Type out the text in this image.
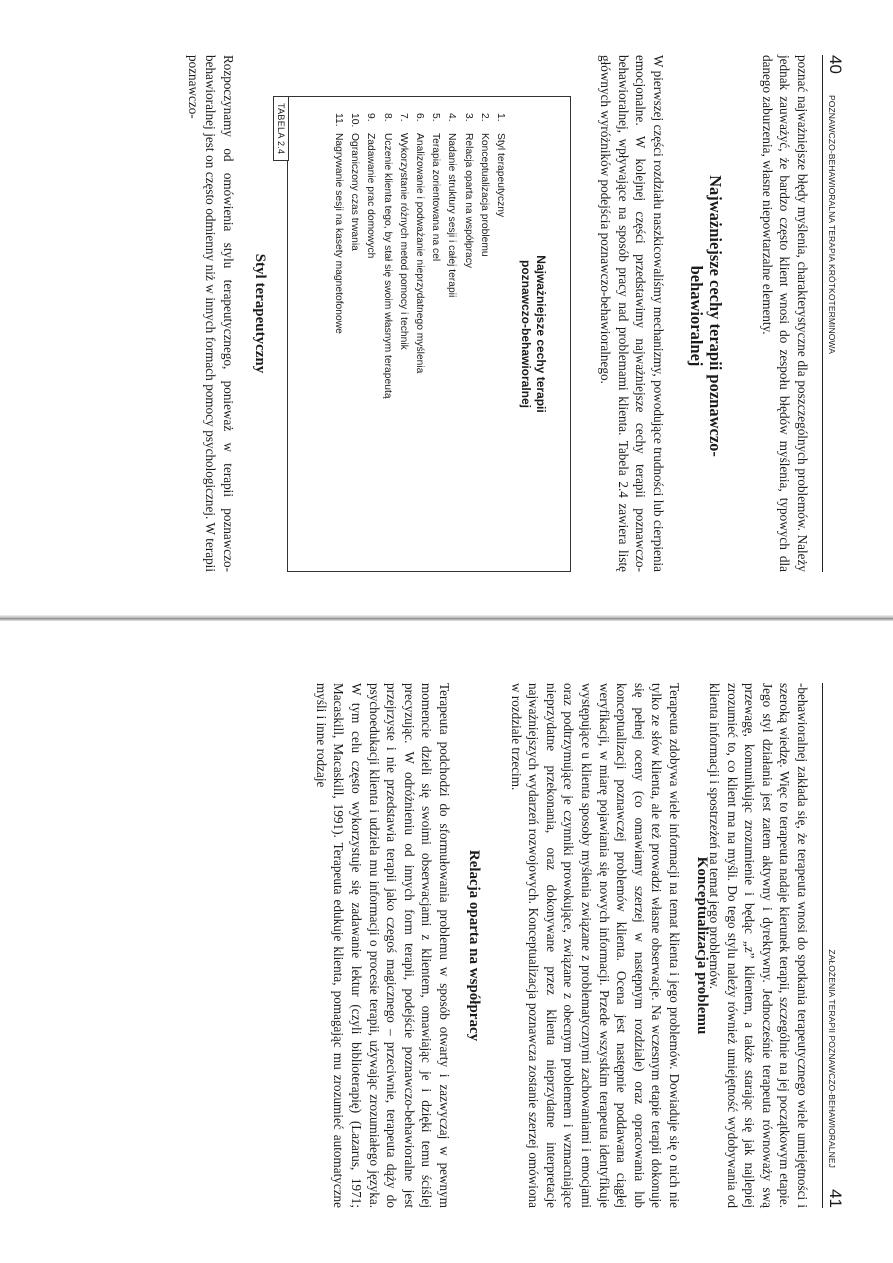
40
POZNAWCZO-BEHAWIORALNA TERAPIA KRÓTKOTERMINOWA

poznać najważniejsze błędy myślenia, charakterystyczne dla poszczególnych problemów. Należy jednak zauważyć, że bardzo często klient wnosi do zespołu błędów myślenia, typowych dla danego zaburzenia, własne niepowtarzalne elementy.

Najważniejsze cechy terapii poznawczo-behawioralnej

W pierwszej części rozdziału naszkicowaliśmy mechanizmy, powodujące trudności lub cierpienia emocjonalne. W kolejnej części przedstawimy najważniejsze cechy terapii poznawczo-behawioralnej, wpływające na sposób pracy nad problemami klienta. Tabela 2.4 zawiera listę głównych wyróżników podejścia poznawczo-behawioralnego.

Najważniejsze cechy terapii poznawczo-behawioralnej
1.Styl terapeutyczny
2.Konceptualizacja problemu
3.Relacja oparta na współpracy
4.Nadanie struktury sesji i całej terapii
5.Terapia zorientowana na cel
6.Analizowanie i podważanie nieprzydatnego myślenia
7.Wykorzystanie różnych metod pomocy i technik
8.Uczenie klienta tego, by stał się swoim własnym terapeutą
9.Zadawanie prac domowych
10.Ograniczony czas trwania
11.Nagrywanie sesji na kasety magnetofonowe
TABELA 2.4
Styl terapeutyczny

Rozpoczynamy od omówienia stylu terapeutycznego, ponieważ w terapii poznawczo-behawioralnej jest on często odmienny niż w innych formach pomocy psychologicznej. W terapii poznawczo-

ZAŁOŻENIA TERAPII POZNAWCZO-BEHAWIORALNEJ
41

-behawioralnej zakłada się, że terapeuta wnosi do spotkania terapeutycznego wiele umiejętności i szeroką wiedzę. Więc to terapeuta nadaje kierunek terapii, szczególnie na jej początkowym etapie. Jego styl działania jest zatem aktywny i dyrektywny. Jednocześnie terapeuta równoważy swą przewagę, komunikując zrozumienie i będąc „z” klientem, a także starając się jak najlepiej zrozumieć to, co klient ma na myśli. Do tego stylu należy również umiejętność wydobywania od klienta informacji i spostrzeżeń na temat jego problemów.

Konceptualizacja problemu

Terapeuta zdobywa wiele informacji na temat klienta i jego problemów. Dowiaduje się o nich nie tylko ze słów klienta, ale też prowadzi własne obserwacje. Na wczesnym etapie terapii dokonuje się pełnej oceny (co omawiamy szerzej w następnym rozdziale) oraz opracowania lub konceptualizacji poznawczej problemów klienta. Ocena jest następnie poddawana ciągłej weryfikacji, w miarę pojawiania się nowych informacji. Przede wszystkim terapeuta identyfikuje występujące u klienta sposoby myślenia związane z problematycznymi zachowaniami i emocjami oraz podtrzymujące je czynniki prowokujące, związane z obecnym problemem i wzmacniające nieprzydatne przekonania, oraz dokonywane przez klienta nieprzydatne interpretacje najważniejszych wydarzeń rozwojowych. Konceptualizacja poznawcza zostanie szerzej omówiona w rozdziale trzecim.

Relacja oparta na współpracy

Terapeuta podchodzi do sformułowania problemu w sposób otwarty i zazwyczaj w pewnym momencie dzieli się swoimi obserwacjami z klientem, omawiając je i dzięki temu ściślej precyzując. W odróżnieniu od innych form terapii, podejście poznawczo-behawioralne jest przejrzyste i nie przedstawia terapii jako czegoś magicznego – przeciwnie, terapeuta dąży do psychoedukacji klienta i udziela mu informacji o procesie terapii, używając zrozumiałego języka. W tym celu często wykorzystuje się zadawanie lektur (czyli biblioterapię) (Lazarus, 1971; Macaskill, Macaskill, 1991). Terapeuta edukuje klienta, pomagając mu zrozumieć automatyczne myśli i inne rodzaje
